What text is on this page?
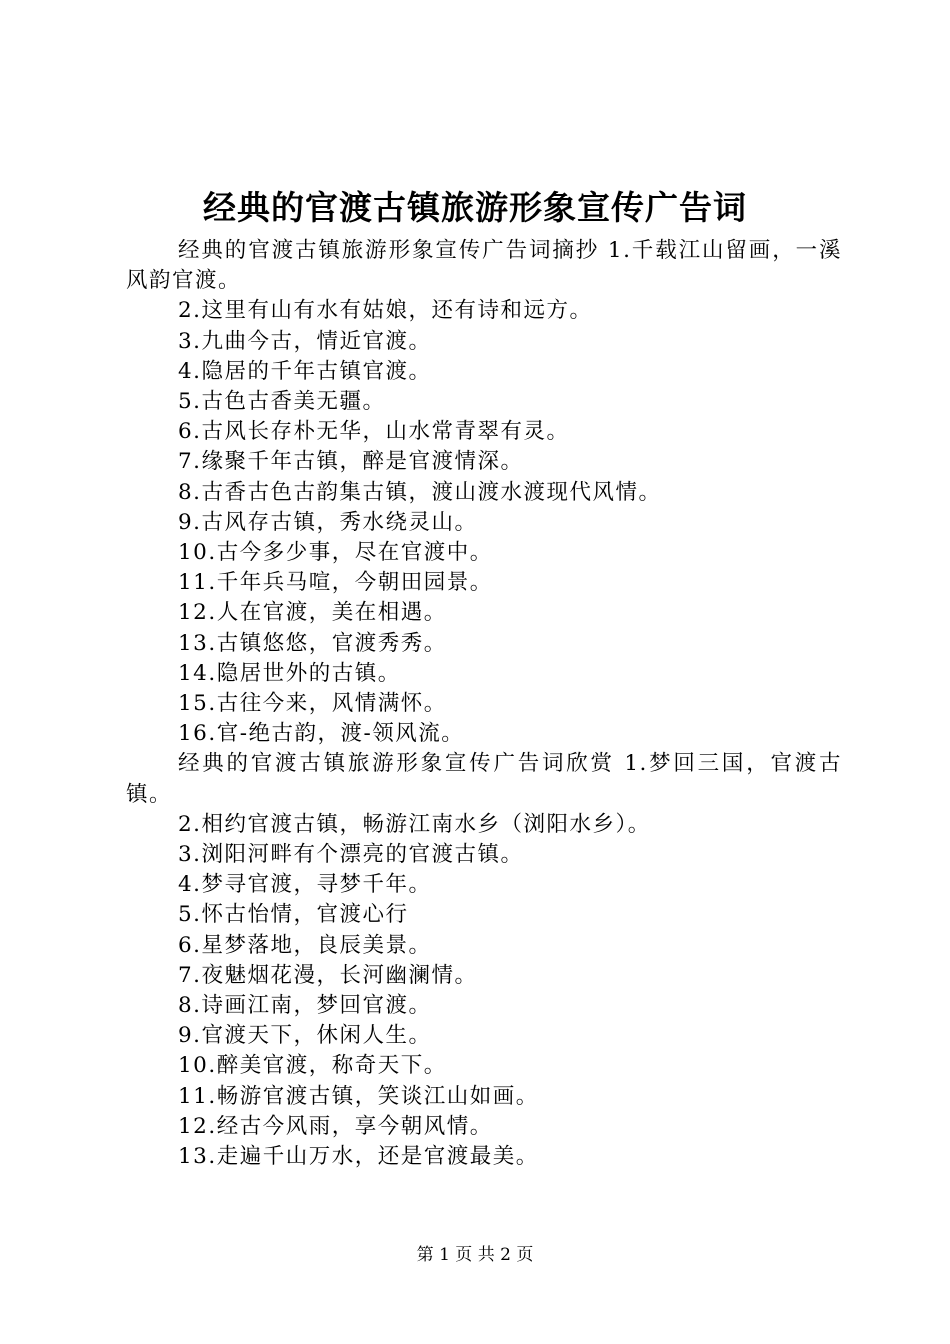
经典的官渡古镇旅游形象宣传广告词

经典的官渡古镇旅游形象宣传广告词摘抄 1.千载江山留画，一溪风韵官渡。

2.这里有山有水有姑娘，还有诗和远方。

3.九曲今古，情近官渡。

4.隐居的千年古镇官渡。

5.古色古香美无疆。

6.古风长存朴无华，山水常青翠有灵。

7.缘聚千年古镇，醉是官渡情深。

8.古香古色古韵集古镇，渡山渡水渡现代风情。

9.古风存古镇，秀水绕灵山。

10.古今多少事，尽在官渡中。

11.千年兵马喧，今朝田园景。

12.人在官渡，美在相遇。

13.古镇悠悠，官渡秀秀。

14.隐居世外的古镇。

15.古往今来，风情满怀。

16.官-绝古韵，渡-领风流。

经典的官渡古镇旅游形象宣传广告词欣赏 1.梦回三国，官渡古镇。

2.相约官渡古镇，畅游江南水乡（浏阳水乡）。

3.浏阳河畔有个漂亮的官渡古镇。

4.梦寻官渡，寻梦千年。

5.怀古怡情，官渡心行

6.星梦落地，良辰美景。

7.夜魅烟花漫，长河幽澜情。

8.诗画江南，梦回官渡。

9.官渡天下，休闲人生。

10.醉美官渡，称奇天下。

11.畅游官渡古镇，笑谈江山如画。

12.经古今风雨，享今朝风情。

13.走遍千山万水，还是官渡最美。

第 1 页 共 2 页
